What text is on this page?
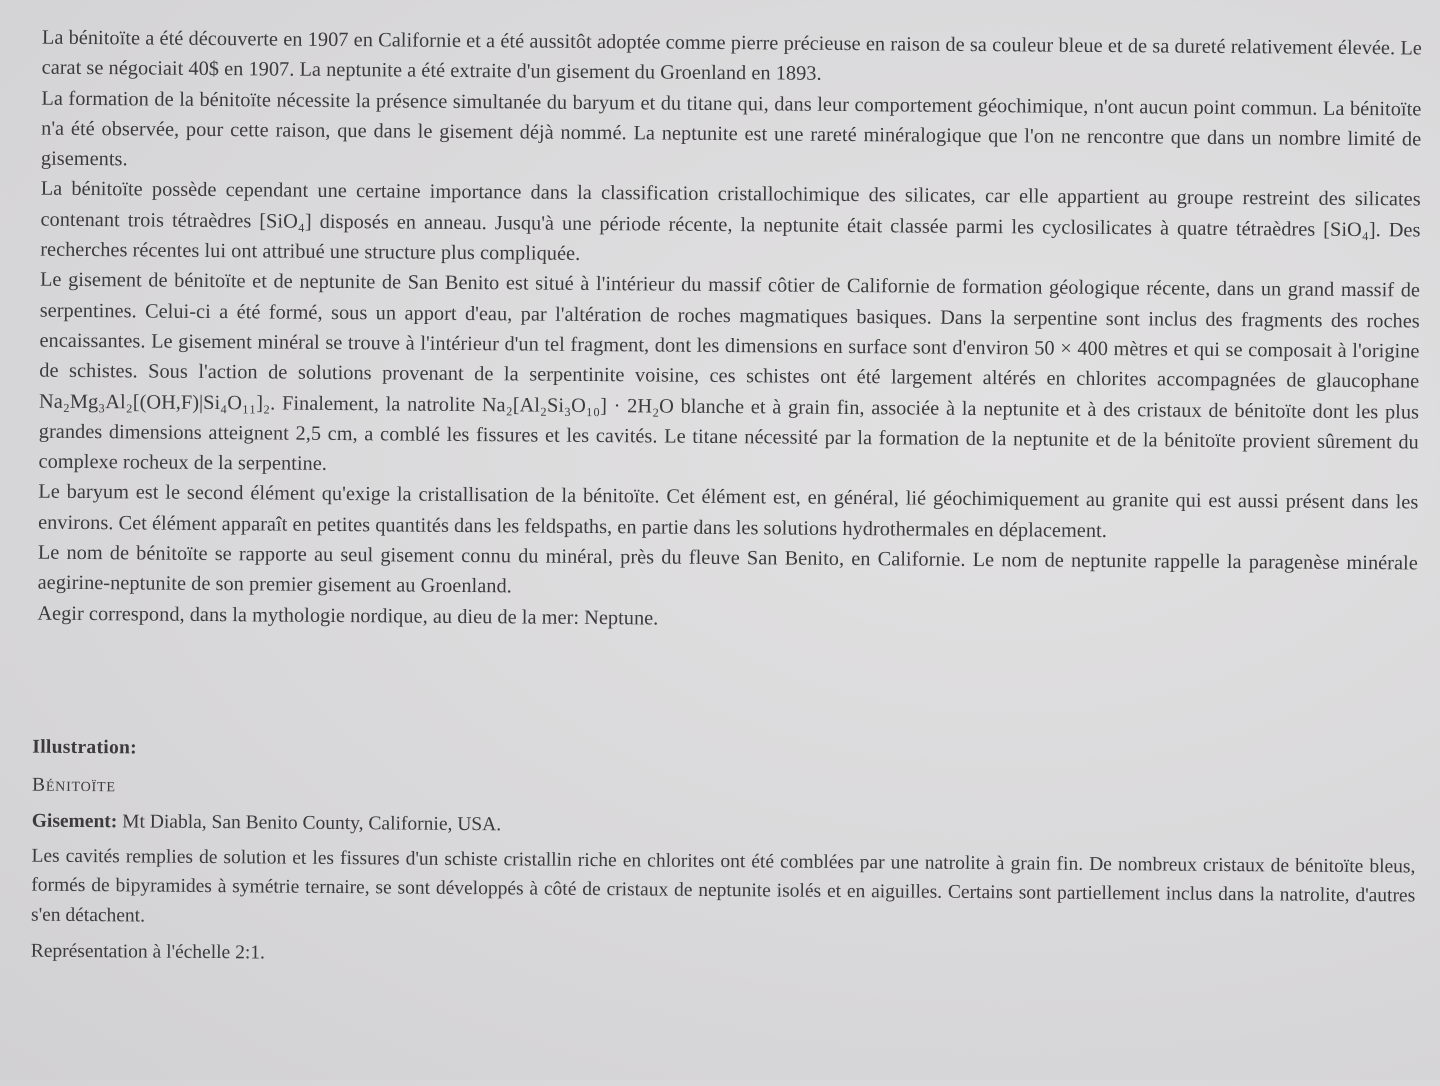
La bénitoïte a été découverte en 1907 en Californie et a été aussitôt adoptée comme pierre précieuse en raison de sa couleur bleue et de sa dureté relativement élevée. Le carat se négociait 40$ en 1907. La neptunite a été extraite d'un gisement du Groenland en 1893.

La formation de la bénitoïte nécessite la présence simultanée du baryum et du titane qui, dans leur comportement géochimique, n'ont aucun point commun. La bénitoïte n'a été observée, pour cette raison, que dans le gisement déjà nommé. La neptunite est une rareté minéralogique que l'on ne rencontre que dans un nombre limité de gisements.

La bénitoïte possède cependant une certaine importance dans la classification cristallochimique des silicates, car elle appartient au groupe restreint des silicates contenant trois tétraèdres [SiO₄] disposés en anneau. Jusqu'à une période récente, la neptunite était classée parmi les cyclosilicates à quatre tétraèdres [SiO₄]. Des recherches récentes lui ont attribué une structure plus compliquée.

Le gisement de bénitoïte et de neptunite de San Benito est situé à l'intérieur du massif côtier de Californie de formation géologique récente, dans un grand massif de serpentines. Celui-ci a été formé, sous un apport d'eau, par l'altération de roches magmatiques basiques. Dans la serpentine sont inclus des fragments des roches encaissantes. Le gisement minéral se trouve à l'intérieur d'un tel fragment, dont les dimensions en surface sont d'environ 50 × 400 mètres et qui se composait à l'origine de schistes. Sous l'action de solutions provenant de la serpentinite voisine, ces schistes ont été largement altérés en chlorites accompagnées de glaucophane Na₂Mg₃Al₂[(OH,F)|Si₄O₁₁]₂. Finalement, la natrolite Na₂[Al₂Si₃O₁₀] · 2H₂O blanche et à grain fin, associée à la neptunite et à des cristaux de bénitoïte dont les plus grandes dimensions atteignent 2,5 cm, a comblé les fissures et les cavités. Le titane nécessité par la formation de la neptunite et de la bénitoïte provient sûrement du complexe rocheux de la serpentine.

Le baryum est le second élément qu'exige la cristallisation de la bénitoïte. Cet élément est, en général, lié géochimiquement au granite qui est aussi présent dans les environs. Cet élément apparaît en petites quantités dans les feldspaths, en partie dans les solutions hydrothermales en déplacement.

Le nom de bénitoïte se rapporte au seul gisement connu du minéral, près du fleuve San Benito, en Californie. Le nom de neptunite rappelle la paragenèse minérale aegirine-neptunite de son premier gisement au Groenland.

Aegir correspond, dans la mythologie nordique, au dieu de la mer: Neptune.

Illustration:

Bénitoïte

Gisement: Mt Diabla, San Benito County, Californie, USA.

Les cavités remplies de solution et les fissures d'un schiste cristallin riche en chlorites ont été comblées par une natrolite à grain fin. De nombreux cristaux de bénitoïte bleus, formés de bipyramides à symétrie ternaire, se sont développés à côté de cristaux de neptunite isolés et en aiguilles. Certains sont partiellement inclus dans la natrolite, d'autres s'en détachent.

Représentation à l'échelle 2:1.
